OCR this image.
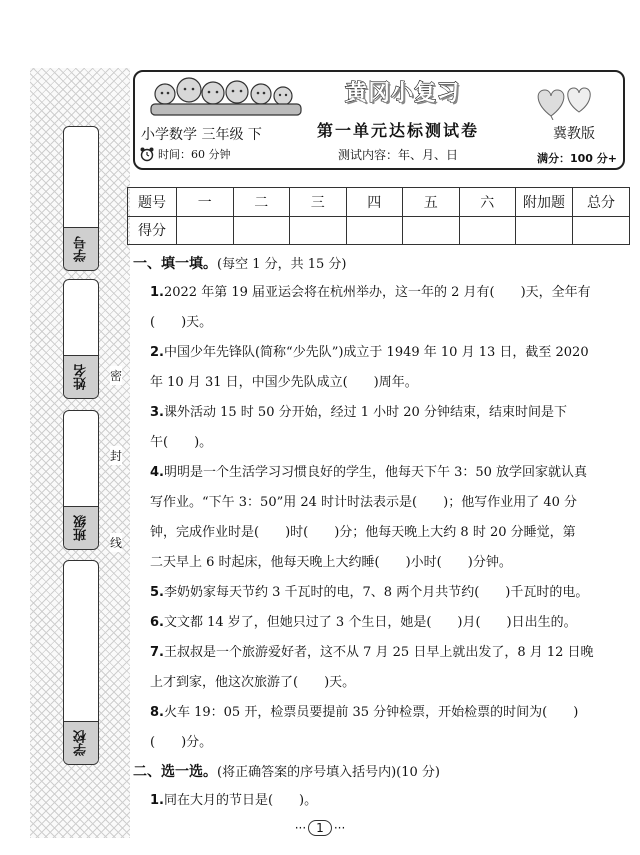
学号
姓名
班级
学校
密
封
线
黄冈小复习
小学数学 三年级 下	第一单元达标测试卷	冀教版
时间：60 分钟	测试内容：年、月、日	满分：100 分+
题号	一	二	三	四	五	六	附加题	总分
得分								
一、填一填。(每空 1 分，共 15 分)
1.2022 年第 19 届亚运会将在杭州举办，这一年的 2 月有(　　)天，全年有
(　　)天。
2.中国少年先锋队(简称“少先队”)成立于 1949 年 10 月 13 日，截至 2020
年 10 月 31 日，中国少先队成立(　　)周年。
3.课外活动 15 时 50 分开始，经过 1 小时 20 分钟结束，结束时间是下
午(　　)。
4.明明是一个生活学习习惯良好的学生，他每天下午 3：50 放学回家就认真
写作业。“下午 3：50”用 24 时计时法表示是(　　)；他写作业用了 40 分
钟，完成作业时是(　　)时(　　)分；他每天晚上大约 8 时 20 分睡觉，第
二天早上 6 时起床，他每天晚上大约睡(　　)小时(　　)分钟。
5.李奶奶家每天节约 3 千瓦时的电，7、8 两个月共节约(　　)千瓦时的电。
6.文文都 14 岁了，但她只过了 3 个生日，她是(　　)月(　　)日出生的。
7.王叔叔是一个旅游爱好者，这不从 7 月 25 日早上就出发了，8 月 12 日晚
上才到家，他这次旅游了(　　)天。
8.火车 19：05 开，检票员要提前 35 分钟检票，开始检票的时间为(　　)
(　　)分。
二、选一选。(将正确答案的序号填入括号内)(10 分)
1.同在大月的节日是(　　)。
··· 1 ···
